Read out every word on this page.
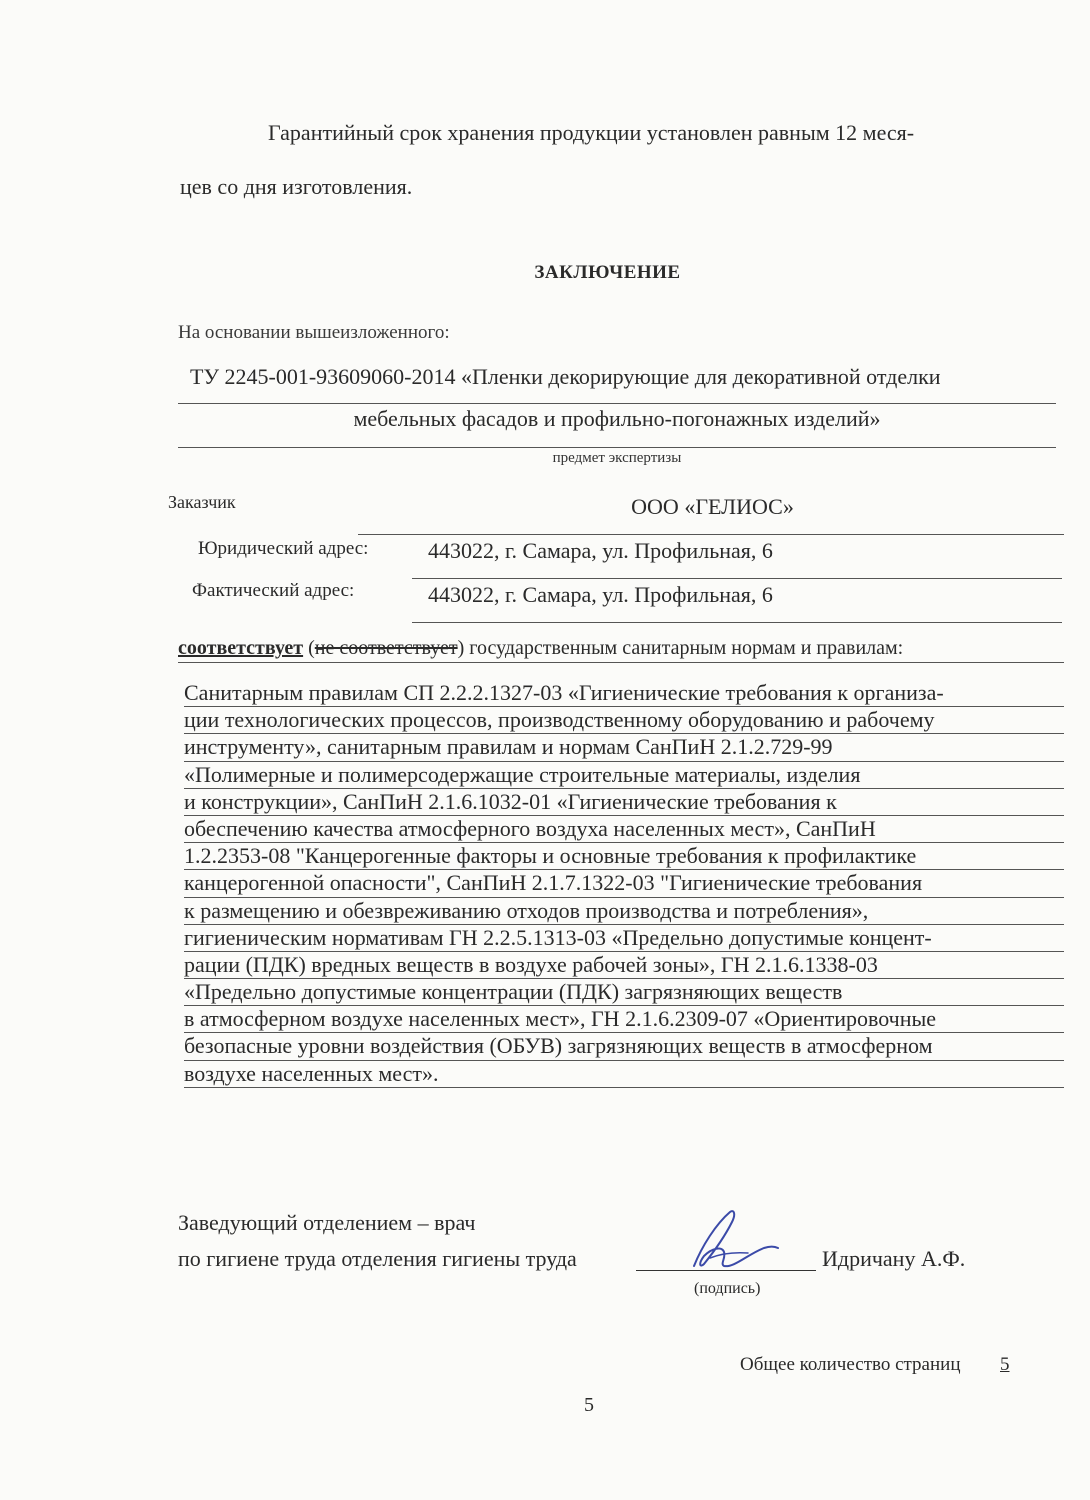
Гарантийный срок хранения продукции установлен равным 12 меся-
цев со дня изготовления.
ЗАКЛЮЧЕНИЕ
На основании вышеизложенного:
ТУ 2245-001-93609060-2014 «Пленки декорирующие для декоративной отделки
мебельных фасадов и профильно-погонажных изделий»
предмет экспертизы
Заказчик	ООО «ГЕЛИОС»
Юридический адрес:	443022, г. Самара, ул. Профильная, 6
Фактический адрес:	443022, г. Самара, ул. Профильная, 6
соответствует (не соответствует) государственным санитарным нормам и правилам:
Санитарным правилам СП 2.2.2.1327-03 «Гигиенические требования к организа-
ции технологических процессов, производственному оборудованию и рабочему
инструменту», санитарным правилам и нормам СанПиН 2.1.2.729-99
«Полимерные и полимерсодержащие строительные материалы, изделия
и конструкции», СанПиН 2.1.6.1032-01 «Гигиенические требования к
обеспечению качества атмосферного воздуха населенных мест», СанПиН
1.2.2353-08 "Канцерогенные факторы и основные требования к профилактике
канцерогенной опасности", СанПиН 2.1.7.1322-03 "Гигиенические требования
к размещению и обезвреживанию отходов производства и потребления»,
гигиеническим нормативам ГН 2.2.5.1313-03 «Предельно допустимые концент-
рации (ПДК) вредных веществ в воздухе рабочей зоны», ГН 2.1.6.1338-03
«Предельно допустимые концентрации (ПДК) загрязняющих веществ
в атмосферном воздухе населенных мест», ГН 2.1.6.2309-07 «Ориентировочные
безопасные уровни воздействия (ОБУВ) загрязняющих веществ в атмосферном
воздухе населенных мест».
Заведующий отделением – врач
по гигиене труда отделения гигиены труда	Идричану А.Ф.
(подпись)
Общее количество страниц 5
5
